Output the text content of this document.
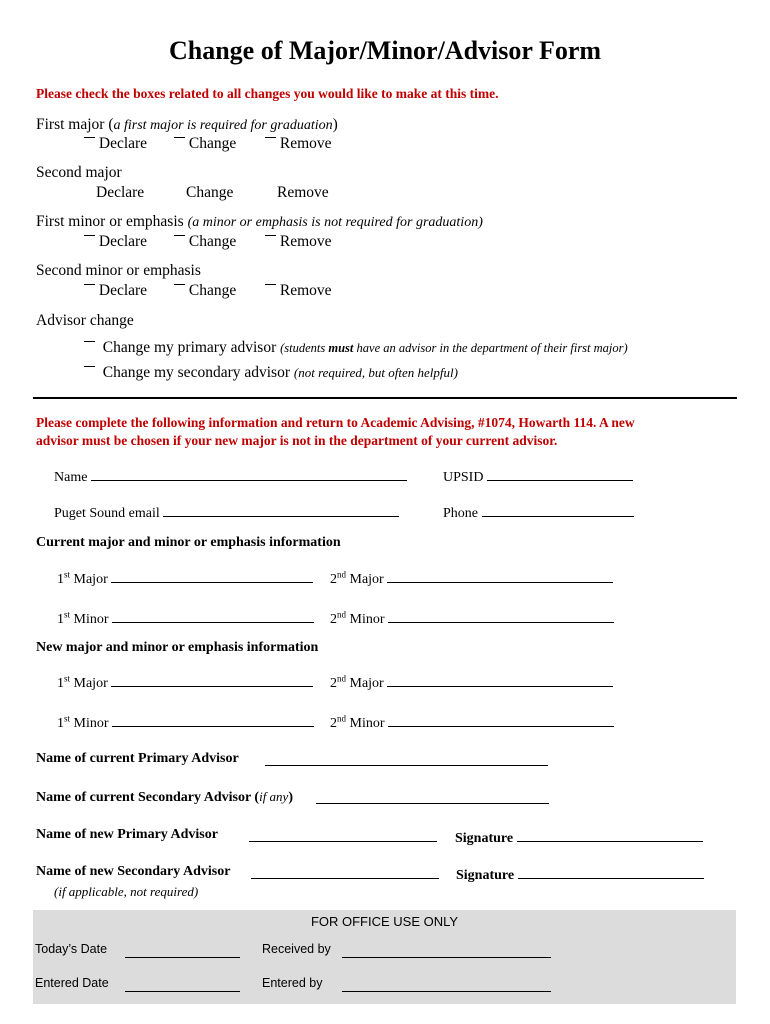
Change of Major/Minor/Advisor Form
Please check the boxes related to all changes you would like to make at this time.
First major (a first major is required for graduation)
Declare	Change	Remove
Second major
Declare	Change	Remove
First minor or emphasis (a minor or emphasis is not required for graduation)
Declare	Change	Remove
Second minor or emphasis
Declare	Change	Remove
Advisor change
Change my primary advisor (students must have an advisor in the department of their first major)
Change my secondary advisor (not required, but often helpful)
Please complete the following information and return to Academic Advising, #1074, Howarth 114. A new
advisor must be chosen if your new major is not in the department of your current advisor.
Name	UPSID
Puget Sound email	Phone
Current major and minor or emphasis information
1st Major	2nd Major
1st Minor	2nd Minor
New major and minor or emphasis information
1st Major	2nd Major
1st Minor	2nd Minor
Name of current Primary Advisor
Name of current Secondary Advisor (if any)
Name of new Primary Advisor	Signature
Name of new Secondary Advisor	Signature
(if applicable, not required)
FOR OFFICE USE ONLY
Today’s Date	Received by
Entered Date	Entered by
